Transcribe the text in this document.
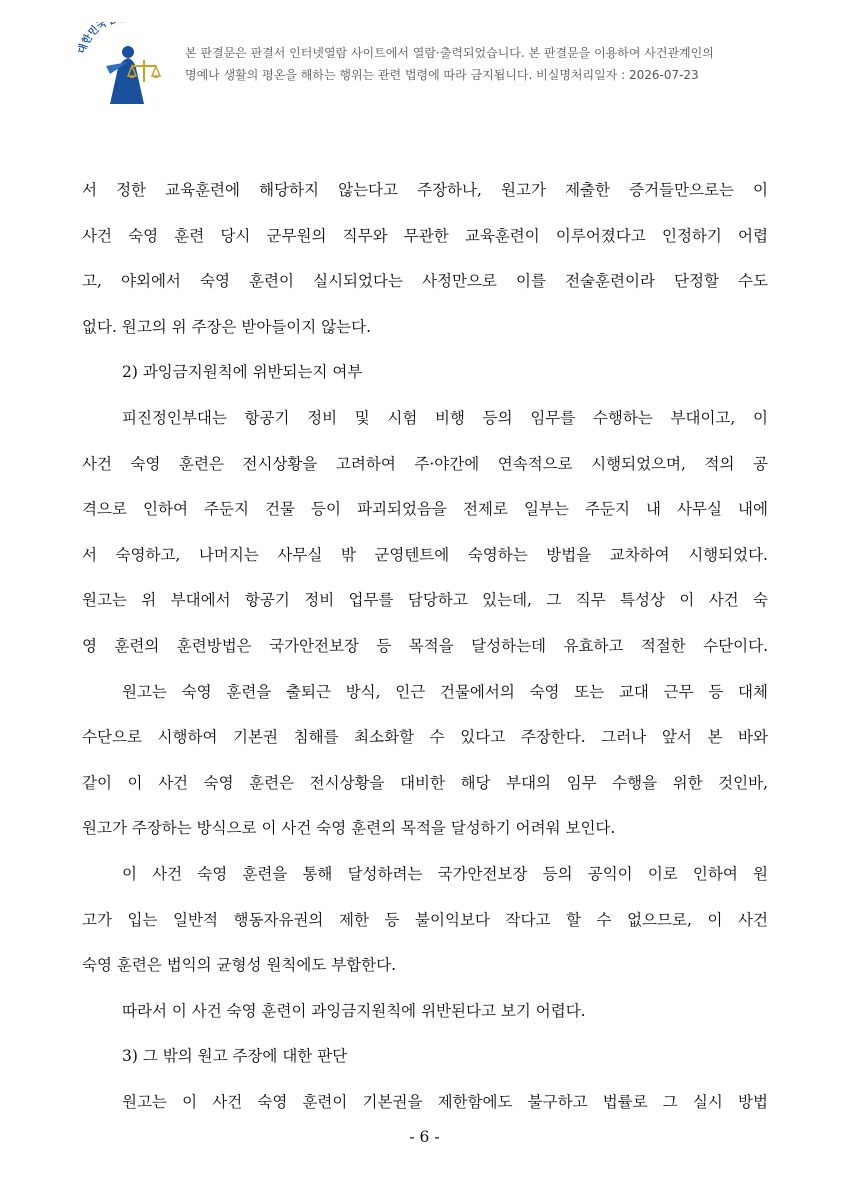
대한민국
본 판결문은 판결서 인터넷열람 사이트에서 열람·출력되었습니다. 본 판결문을 이용하여 사건관계인의
명예나 생활의 평온을 해하는 행위는 관련 법령에 따라 금지됩니다. 비실명처리일자 : 2026-07-23
서 정한 교육훈련에 해당하지 않는다고 주장하나, 원고가 제출한 증거들만으로는 이
사건 숙영 훈련 당시 군무원의 직무와 무관한 교육훈련이 이루어졌다고 인정하기 어렵
고, 야외에서 숙영 훈련이 실시되었다는 사정만으로 이를 전술훈련이라 단정할 수도
없다. 원고의 위 주장은 받아들이지 않는다.
2) 과잉금지원칙에 위반되는지 여부
피진정인부대는 항공기 정비 및 시험 비행 등의 임무를 수행하는 부대이고, 이
사건 숙영 훈련은 전시상황을 고려하여 주·야간에 연속적으로 시행되었으며, 적의 공
격으로 인하여 주둔지 건물 등이 파괴되었음을 전제로 일부는 주둔지 내 사무실 내에
서 숙영하고, 나머지는 사무실 밖 군영텐트에 숙영하는 방법을 교차하여 시행되었다.
원고는 위 부대에서 항공기 정비 업무를 담당하고 있는데, 그 직무 특성상 이 사건 숙
영 훈련의 훈련방법은 국가안전보장 등 목적을 달성하는데 유효하고 적절한 수단이다.
원고는 숙영 훈련을 출퇴근 방식, 인근 건물에서의 숙영 또는 교대 근무 등 대체
수단으로 시행하여 기본권 침해를 최소화할 수 있다고 주장한다. 그러나 앞서 본 바와
같이 이 사건 숙영 훈련은 전시상황을 대비한 해당 부대의 임무 수행을 위한 것인바,
원고가 주장하는 방식으로 이 사건 숙영 훈련의 목적을 달성하기 어려워 보인다.
이 사건 숙영 훈련을 통해 달성하려는 국가안전보장 등의 공익이 이로 인하여 원
고가 입는 일반적 행동자유권의 제한 등 불이익보다 작다고 할 수 없으므로, 이 사건
숙영 훈련은 법익의 균형성 원칙에도 부합한다.
따라서 이 사건 숙영 훈련이 과잉금지원칙에 위반된다고 보기 어렵다.
3) 그 밖의 원고 주장에 대한 판단
원고는 이 사건 숙영 훈련이 기본권을 제한함에도 불구하고 법률로 그 실시 방법
- 6 -
